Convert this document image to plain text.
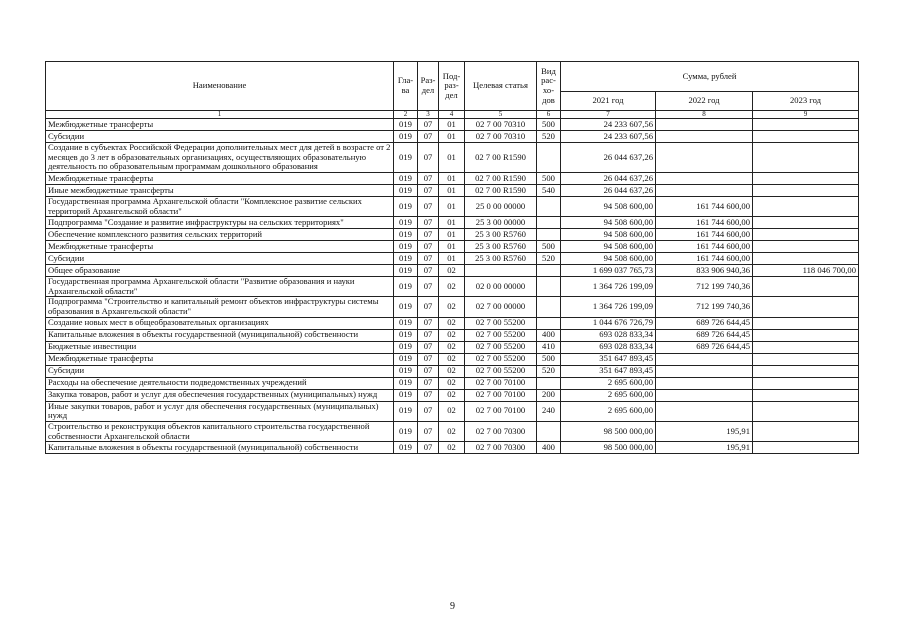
Наименование	Гла-ва	Раз-дел	Под-раз-дел	Целевая статья	Вид рас-хо-дов	Сумма, рублей		
						2021 год	2022 год	2023 год
1	2	3	4	5	6	7	8	9
Межбюджетные трансферты	019	07	01	02 7 00 70310	500	24 233 607,56		
Субсидии	019	07	01	02 7 00 70310	520	24 233 607,56		
Создание в субъектах Российской Федерации дополнительных мест для детей в возрасте от 2 месяцев до 3 лет в образовательных организациях, осуществляющих образовательную деятельность по образовательным программам дошкольного образования	019	07	01	02 7 00 R1590		26 044 637,26		
Межбюджетные трансферты	019	07	01	02 7 00 R1590	500	26 044 637,26		
Иные межбюджетные трансферты	019	07	01	02 7 00 R1590	540	26 044 637,26		
Государственная программа Архангельской области "Комплексное развитие сельских территорий Архангельской области"	019	07	01	25 0 00 00000		94 508 600,00	161 744 600,00	
Подпрограмма "Создание и развитие инфраструктуры на сельских территориях"	019	07	01	25 3 00 00000		94 508 600,00	161 744 600,00	
Обеспечение комплексного развития сельских территорий	019	07	01	25 3 00 R5760		94 508 600,00	161 744 600,00	
Межбюджетные трансферты	019	07	01	25 3 00 R5760	500	94 508 600,00	161 744 600,00	
Субсидии	019	07	01	25 3 00 R5760	520	94 508 600,00	161 744 600,00	
Общее образование	019	07	02			1 699 037 765,73	833 906 940,36	118 046 700,00
Государственная программа Архангельской области "Развитие образования и науки Архангельской области"	019	07	02	02 0 00 00000		1 364 726 199,09	712 199 740,36	
Подпрограмма "Строительство и капитальный ремонт объектов инфраструктуры системы образования в Архангельской области"	019	07	02	02 7 00 00000		1 364 726 199,09	712 199 740,36	
Создание новых мест в общеобразовательных организациях	019	07	02	02 7 00 55200		1 044 676 726,79	689 726 644,45	
Капитальные вложения в объекты государственной (муниципальной) собственности	019	07	02	02 7 00 55200	400	693 028 833,34	689 726 644,45	
Бюджетные инвестиции	019	07	02	02 7 00 55200	410	693 028 833,34	689 726 644,45	
Межбюджетные трансферты	019	07	02	02 7 00 55200	500	351 647 893,45		
Субсидии	019	07	02	02 7 00 55200	520	351 647 893,45		
Расходы на обеспечение деятельности подведомственных учреждений	019	07	02	02 7 00 70100		2 695 600,00		
Закупка товаров, работ и услуг для обеспечения государственных (муниципальных) нужд	019	07	02	02 7 00 70100	200	2 695 600,00		
Иные закупки товаров, работ и услуг для обеспечения государственных (муниципальных) нужд	019	07	02	02 7 00 70100	240	2 695 600,00		
Строительство и реконструкция объектов капитального строительства государственной собственности Архангельской области	019	07	02	02 7 00 70300		98 500 000,00	195,91	
Капитальные вложения в объекты государственной (муниципальной) собственности	019	07	02	02 7 00 70300	400	98 500 000,00	195,91	
9
